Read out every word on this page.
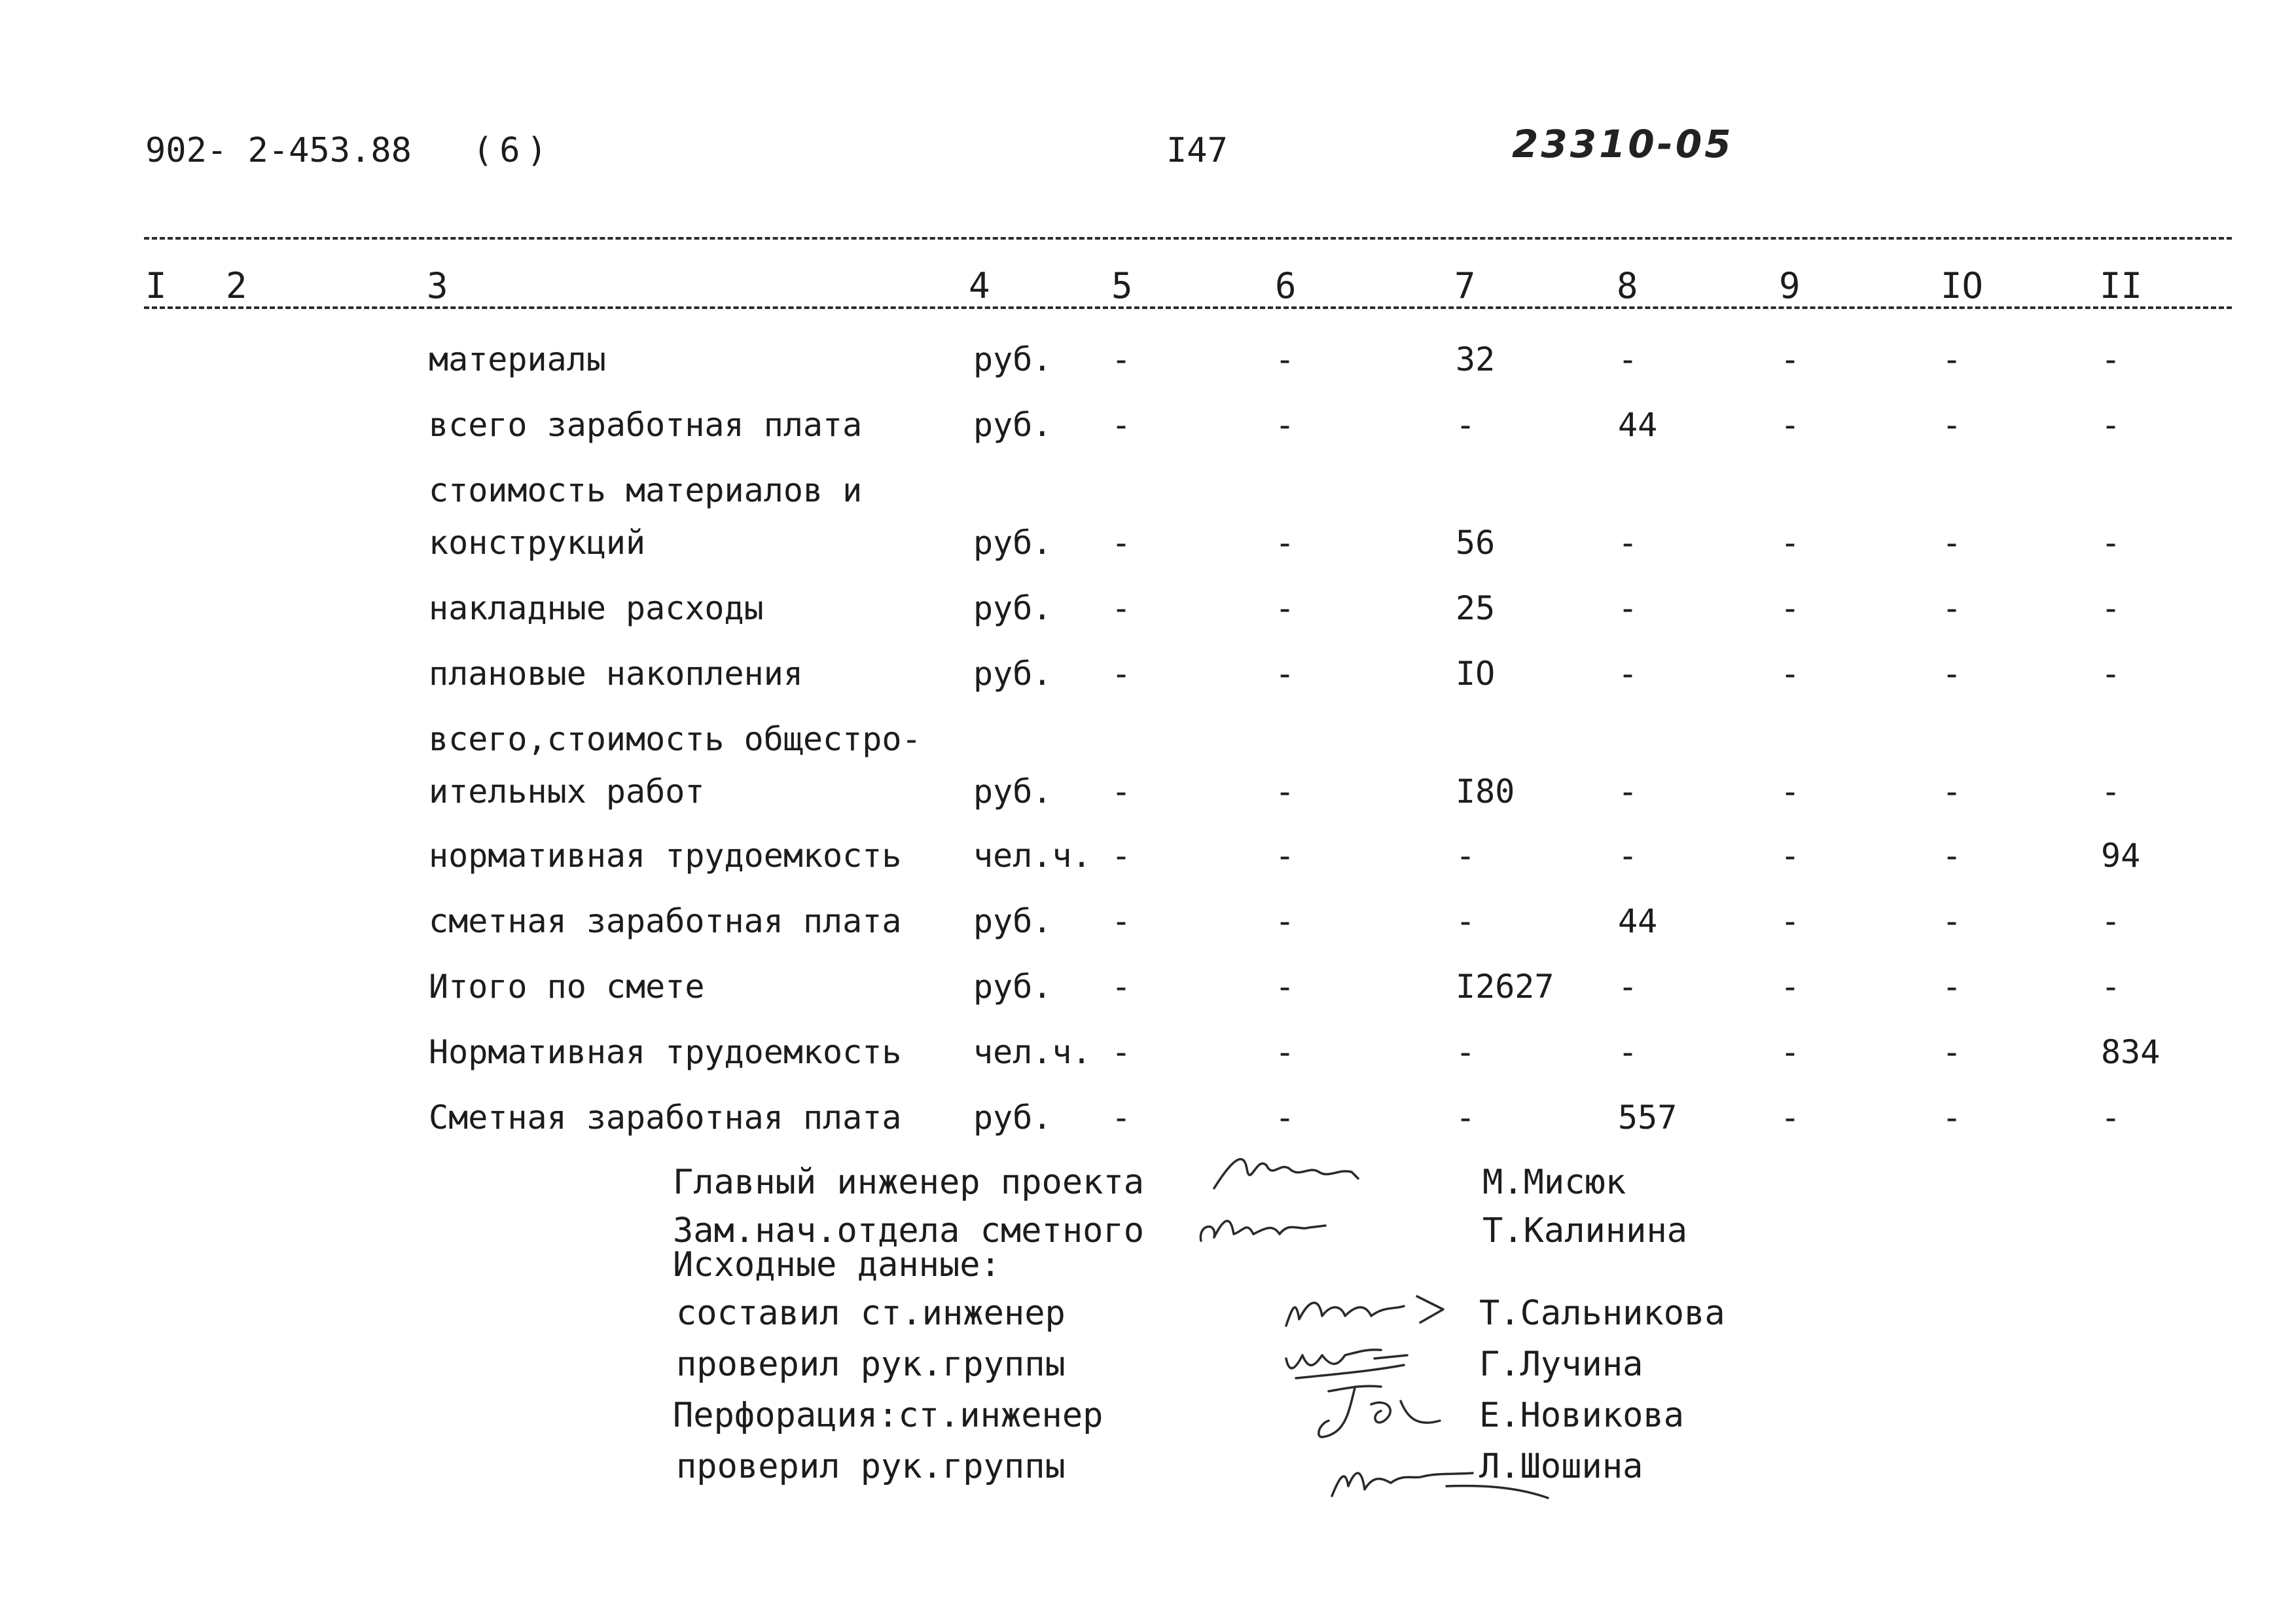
902- 2-453.88 (6)	I47	23310-05
I 2	3	4	5	6	7	8	9	IO	II
материалы	руб. -	-	32	-	-	-	-
всего заработная плата	руб. -	-	-	44	-	-	-
стоимость материалов и
конструкций	руб. -	-	56	-	-	-	-
накладные расходы	руб. -	-	25	-	-	-	-
плановые накопления	руб. -	-	IO	-	-	-	-
всего,стоимость общестро-
ительных работ	руб. -	-	I80	-	-	-	-
нормативная трудоемкость чел.ч. -	-	-	-	-	-	94
сметная заработная плата руб. -	-	-	44	-	-	-
Итого по смете	руб. -	-	I2627 -	-	-	-
Нормативная трудоемкость чел.ч. -	-	-	-	-	-	834
Сметная заработная плата руб. -	-	-	557	-	-	-
Главный инженер проекта	М.Мисюк
Зам.нач.отдела сметного	Т.Калинина
Исходные данные:
составил ст.инженер	Т.Сальникова
проверил рук.группы	Г.Лучина
Перфорация:ст.инженер	Е.Новикова
проверил рук.группы	Л.Шошина
